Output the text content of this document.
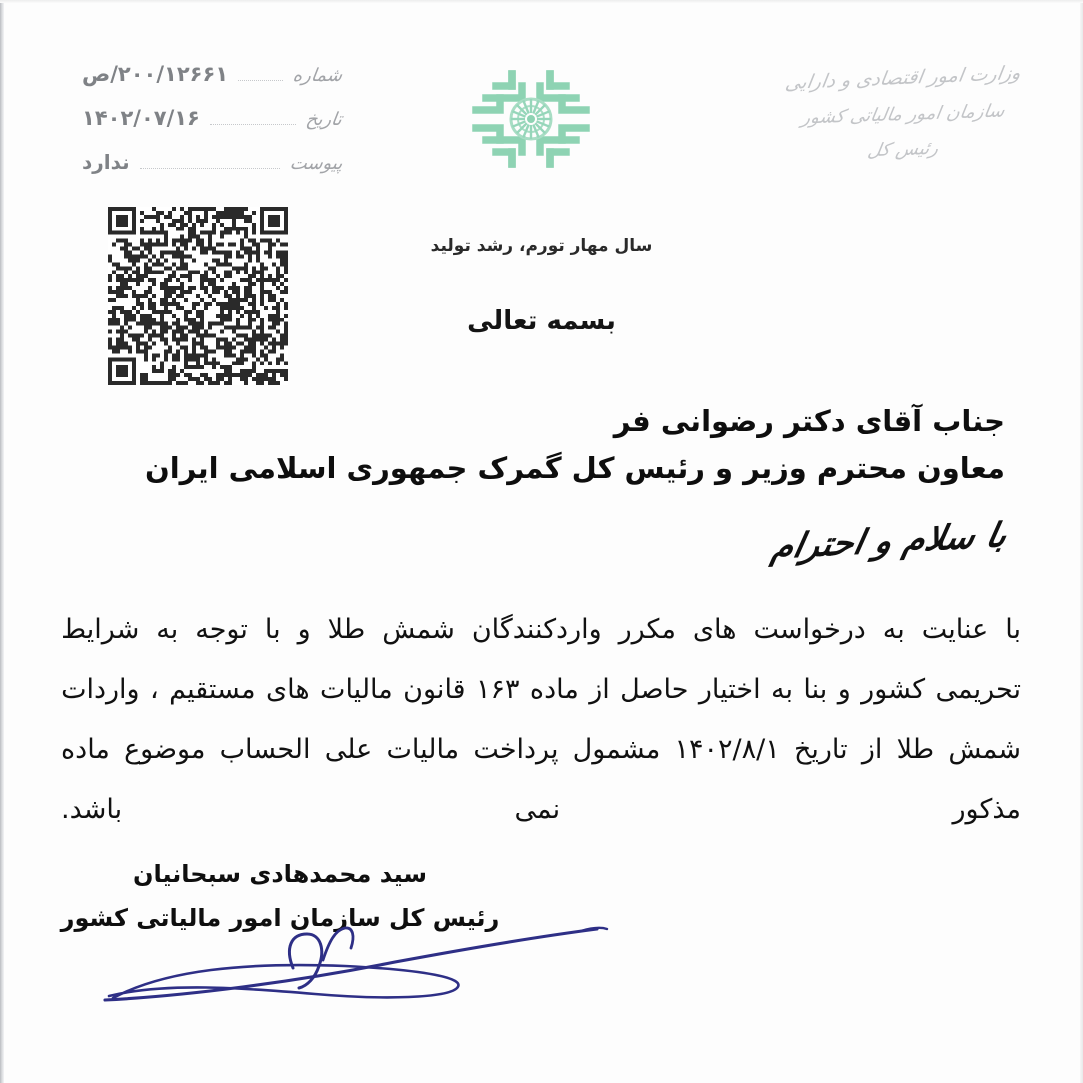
شماره
۲۰۰/۱۲۶۶۱/ص
تاریخ
۱۴۰۲/۰۷/۱۶
پیوست
ندارد
وزارت امور اقتصادی و دارایی
سازمان امور مالیاتی کشور
رئیس کل
سال مهار تورم، رشد تولید
بسمه تعالی
جناب آقای دکتر رضوانی فر
معاون محترم وزیر و رئیس کل گمرک جمهوری اسلامی ایران
با سلام و احترام
با
عنایت
به
درخواست
های
مکرر
واردکنندگان
شمش
طلا
و
با
توجه
به
شرایط
تحریمی
کشور
و
بنا
به
اختیار
حاصل
از
ماده
۱۶۳
قانون
مالیات
های
مستقیم
،
واردات
شمش
طلا
از
تاریخ
۱۴۰۲/۸/۱
مشمول
پرداخت
مالیات
علی
الحساب
موضوع
ماده
مذکور نمی باشد.
سید محمدهادی سبحانیان
رئیس کل سازمان امور مالیاتی کشور
